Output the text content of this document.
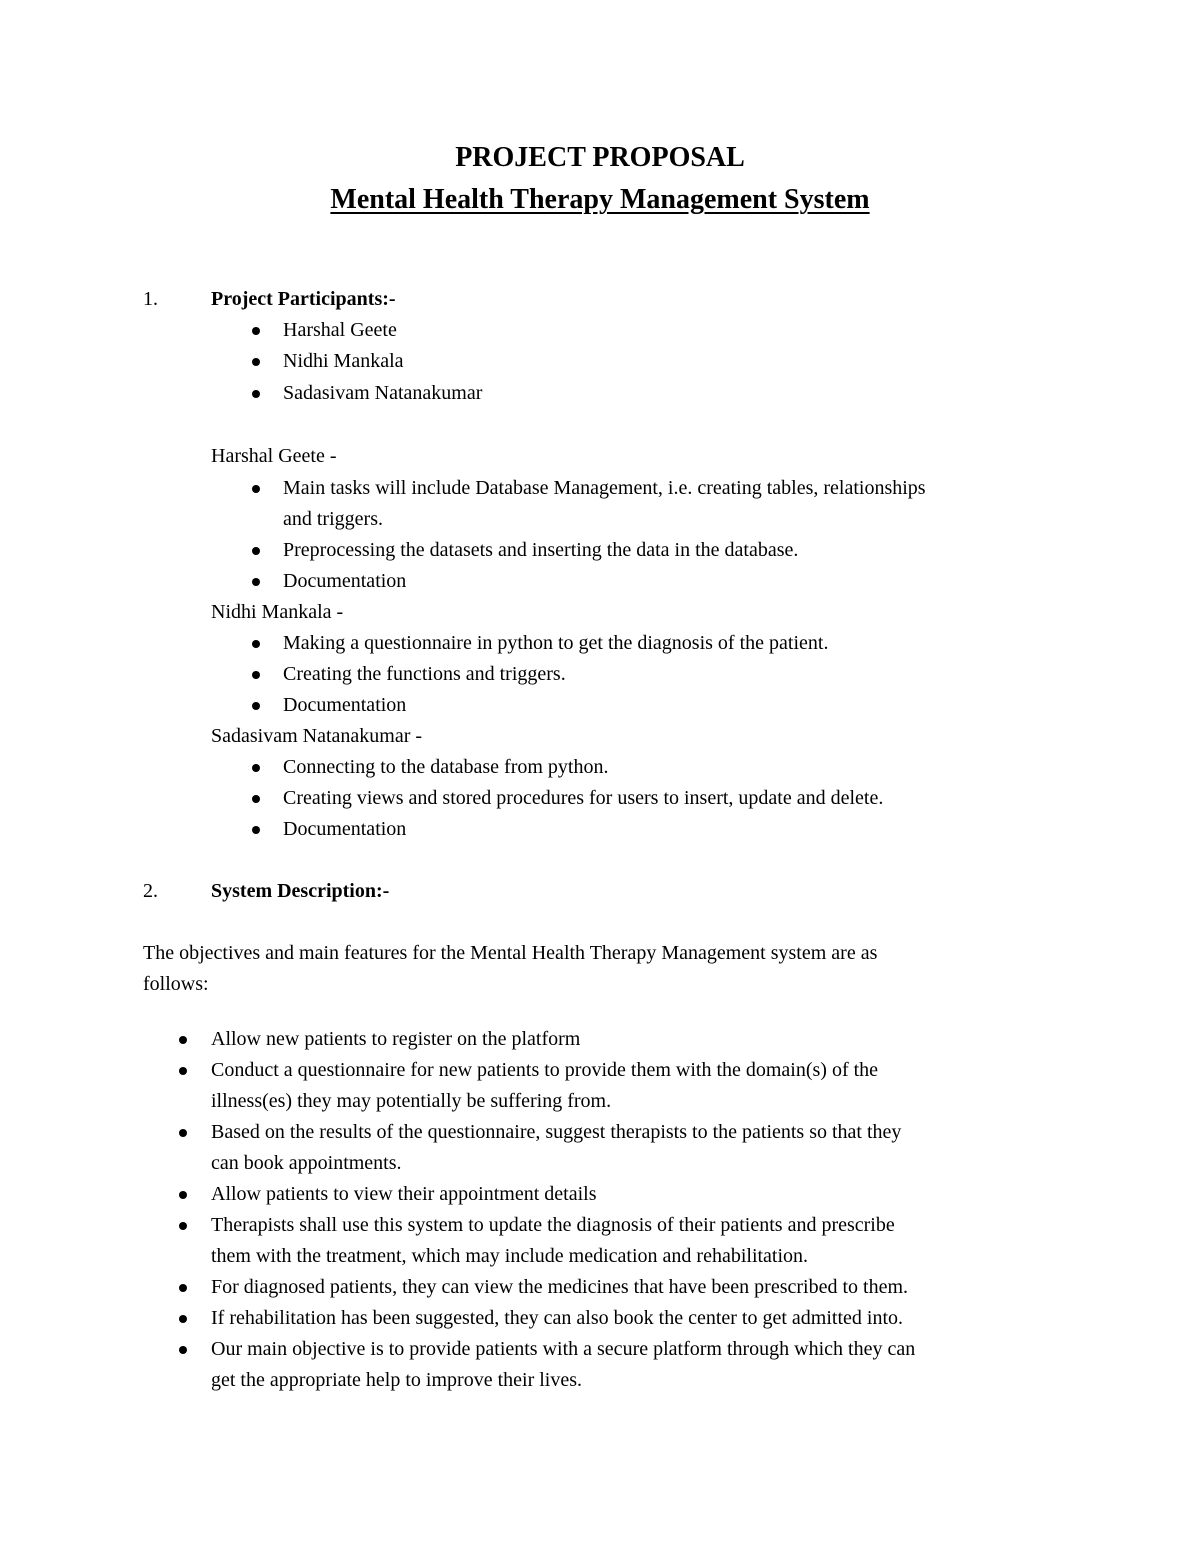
PROJECT PROPOSAL
Mental Health Therapy Management System
1.	Project Participants:-
Harshal Geete
Nidhi Mankala
Sadasivam Natanakumar
Harshal Geete -
Main tasks will include Database Management, i.e. creating tables, relationships
and triggers.
Preprocessing the datasets and inserting the data in the database.
Documentation
Nidhi Mankala -
Making a questionnaire in python to get the diagnosis of the patient.
Creating the functions and triggers.
Documentation
Sadasivam Natanakumar -
Connecting to the database from python.
Creating views and stored procedures for users to insert, update and delete.
Documentation
2.	System Description:-
The objectives and main features for the Mental Health Therapy Management system are as
follows:
Allow new patients to register on the platform
Conduct a questionnaire for new patients to provide them with the domain(s) of the
illness(es) they may potentially be suffering from.
Based on the results of the questionnaire, suggest therapists to the patients so that they
can book appointments.
Allow patients to view their appointment details
Therapists shall use this system to update the diagnosis of their patients and prescribe
them with the treatment, which may include medication and rehabilitation.
For diagnosed patients, they can view the medicines that have been prescribed to them.
If rehabilitation has been suggested, they can also book the center to get admitted into.
Our main objective is to provide patients with a secure platform through which they can
get the appropriate help to improve their lives.
